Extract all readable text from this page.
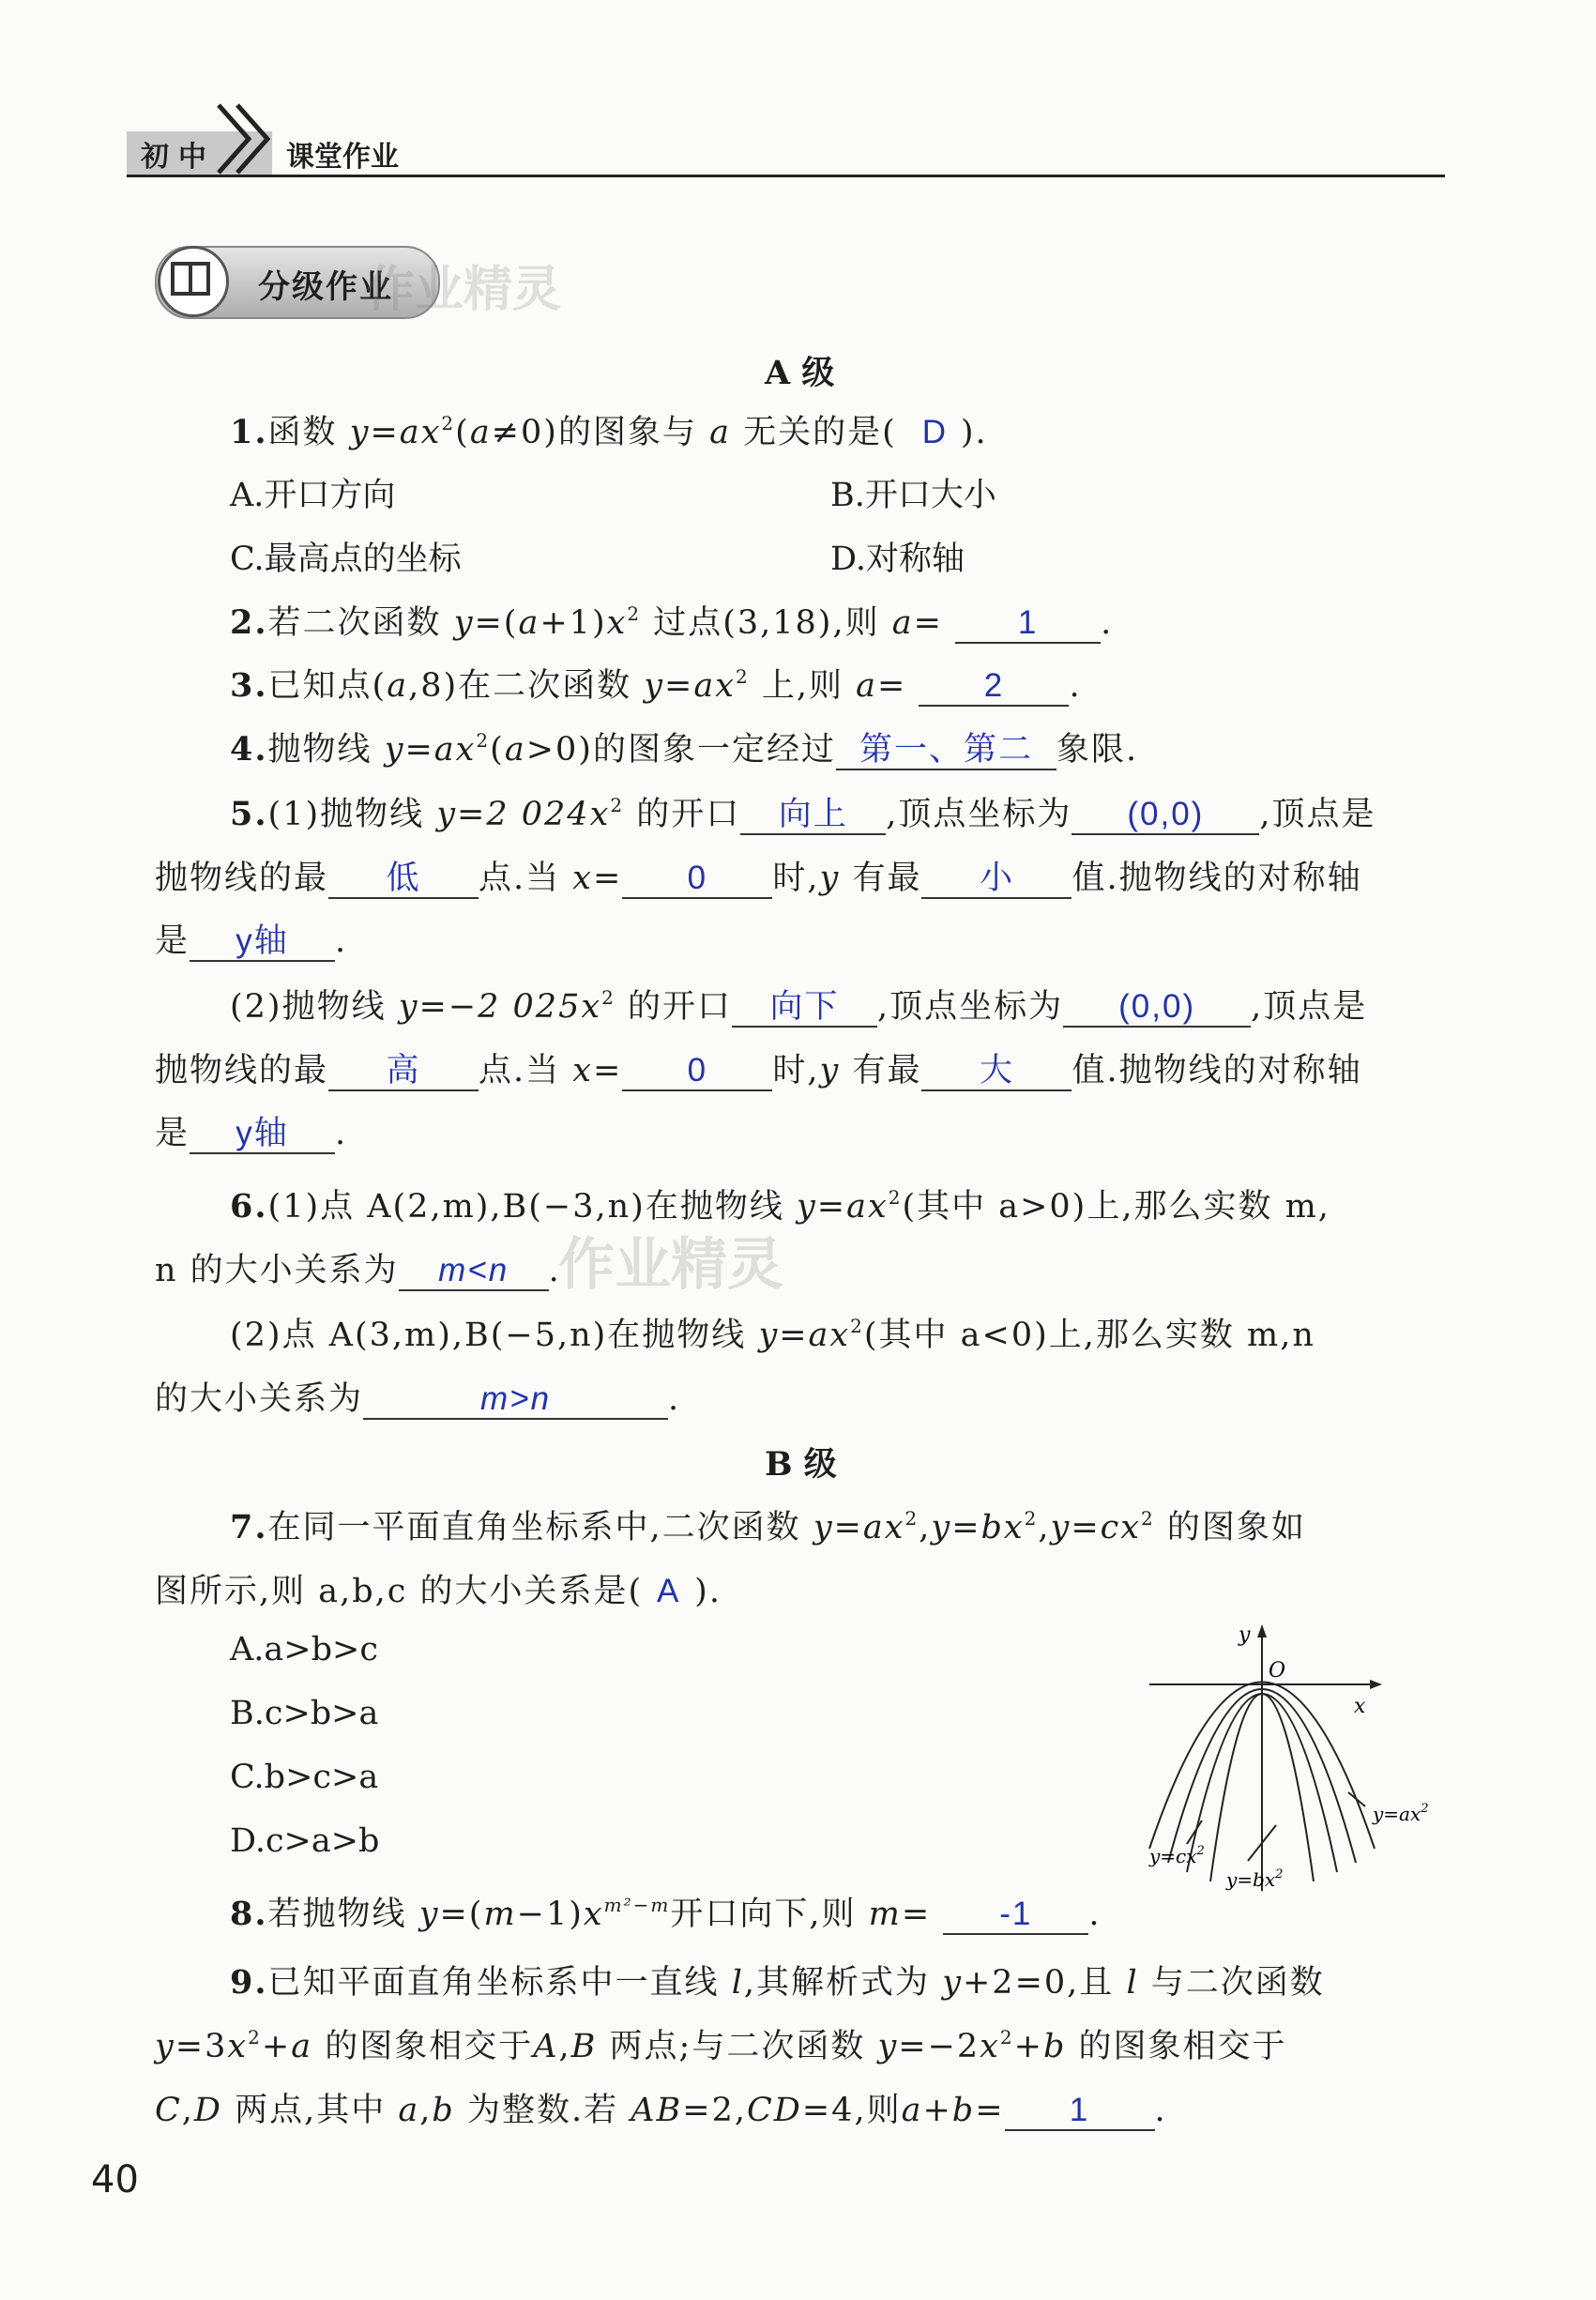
初中	课堂作业
分级作业
作业精灵
A 级
1.函数 $y=ax^2(a\ne 0)$的图象与 a 无关的是( D ).
A.开口方向	B.开口大小
C.最高点的坐标	D.对称轴
2.若二次函数 $y=(a+1)x^2$ 过点(3,18),则 a= 1 .
3.已知点(a,8)在二次函数 $y=ax^2$ 上,则 a= 2 .
4.抛物线 $y=ax^2(a>0)$的图象一定经过 第一、第二 象限.
5.(1)抛物线 y=2 $024x^2$ 的开口 向上 ,顶点坐标为 (0,0) ,顶点是
抛物线的最 低 点.当 x= 0 时,y 有最 小 值.抛物线的对称轴
是 y轴 .
(2)抛物线 y=−2 $025x^2$ 的开口 向下 ,顶点坐标为 (0,0) ,顶点是
抛物线的最 高 点.当 x= 0 时,y 有最 大 值.抛物线的对称轴
是 y轴 .
6.(1)点 A(2,m),B(−3,n)在抛物线 $y=ax^2$(其中 a>0)上,那么实数 m,
n 的大小关系为 m<n .
作业精灵
(2)点 A(3,m),B(−5,n)在抛物线 $y=ax^2$(其中 a<0)上,那么实数 m,n
的大小关系为	m>n	.
B 级
7.在同一平面直角坐标系中,二次函数 $y=ax^2,y=bx^2,y=cx^2$ 的图象如
图所示,则 a,b,c 的大小关系是( A ).
A.a>b>c
B.c>b>a
C.b>c>a
D.c>a>b
y
x
O
$y=ax^2$
$y=cx^2$
$y=bx^2$
8.若抛物线 $y=(m-1)x^{m^2-m}$开口向下,则 m= -1 .
9.已知平面直角坐标系中一直线 l,其解析式为 y+2=0,且 l 与二次函数
$y=3x^2+a$ 的图象相交于A,B 两点;与二次函数 $y=-2x^2+b$ 的图象相交于
C,D 两点,其中 a,b 为整数.若 AB=2,CD=4,则a+b= 1 .
40
